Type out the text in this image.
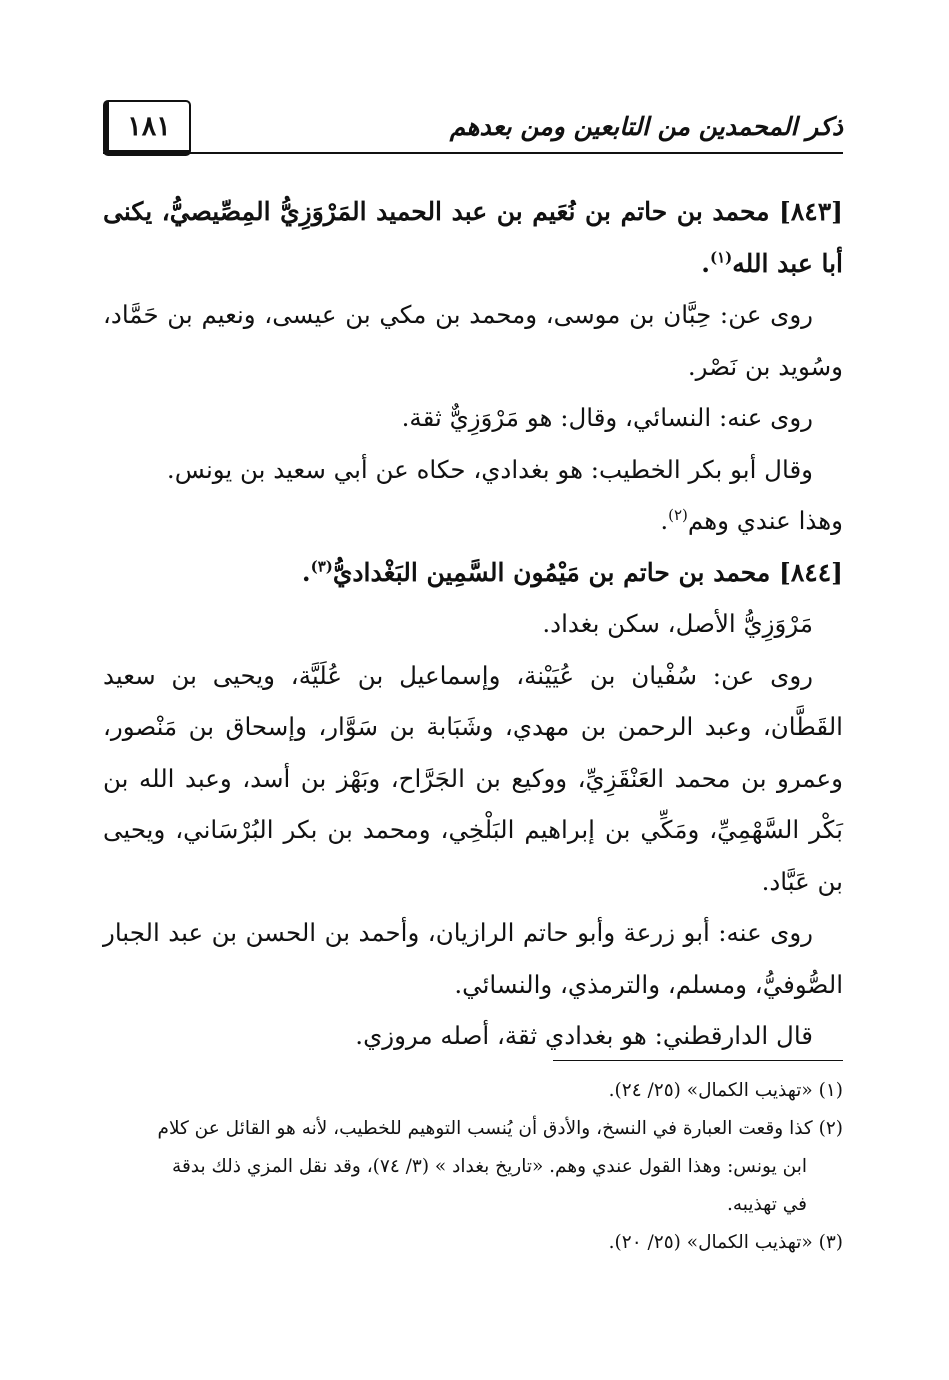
١٨١	ذكر المحمدين من التابعين ومن بعدهم

[٨٤٣] محمد بن حاتم بن نُعَيم بن عبد الحميد المَرْوَزِيُّ المِصِّيصيُّ، يكنى أبا عبد الله$^{(١)}$.

روى عن: حِبَّان بن موسى، ومحمد بن مكي بن عيسى، ونعيم بن حَمَّاد، وسُويد بن نَصْر.

روى عنه: النسائي، وقال: هو مَرْوَزِيٌّ ثقة.

وقال أبو بكر الخطيب: هو بغدادي، حكاه عن أبي سعيد بن يونس.

وهذا عندي وهم$^{(٢)}$.

[٨٤٤] محمد بن حاتم بن مَيْمُون السَّمِين البَغْداديُّ$^{(٣)}$.

مَرْوَزِيُّ الأصل، سكن بغداد.

روى عن: سُفْيان بن عُيَيْنة، وإسماعيل بن عُلَيَّة، ويحيى بن سعيد القَطَّان، وعبد الرحمن بن مهدي، وشَبَابة بن سَوَّار، وإسحاق بن مَنْصور، وعمرو بن محمد العَنْقَزِيِّ، ووكيع بن الجَرَّاح، وبَهْز بن أسد، وعبد الله بن بَكْر السَّهْمِيِّ، ومَكِّي بن إبراهيم البَلْخِي، ومحمد بن بكر البُرْسَاني، ويحيى بن عَبَّاد.

روى عنه: أبو زرعة وأبو حاتم الرازيان، وأحمد بن الحسن بن عبد الجبار الصُّوفيُّ، ومسلم، والترمذي، والنسائي.

قال الدارقطني: هو بغدادي ثقة، أصله مروزي.

(١) «تهذيب الكمال» (٢٥/ ٢٤).

(٢) كذا وقعت العبارة في النسخ، والأدق أن يُنسب التوهيم للخطيب، لأنه هو القائل عن كلام

ابن يونس: وهذا القول عندي وهم. «تاريخ بغداد » (٣/ ٧٤)، وقد نقل المزي ذلك بدقة

في تهذيبه.

(٣) «تهذيب الكمال» (٢٥/ ٢٠).
